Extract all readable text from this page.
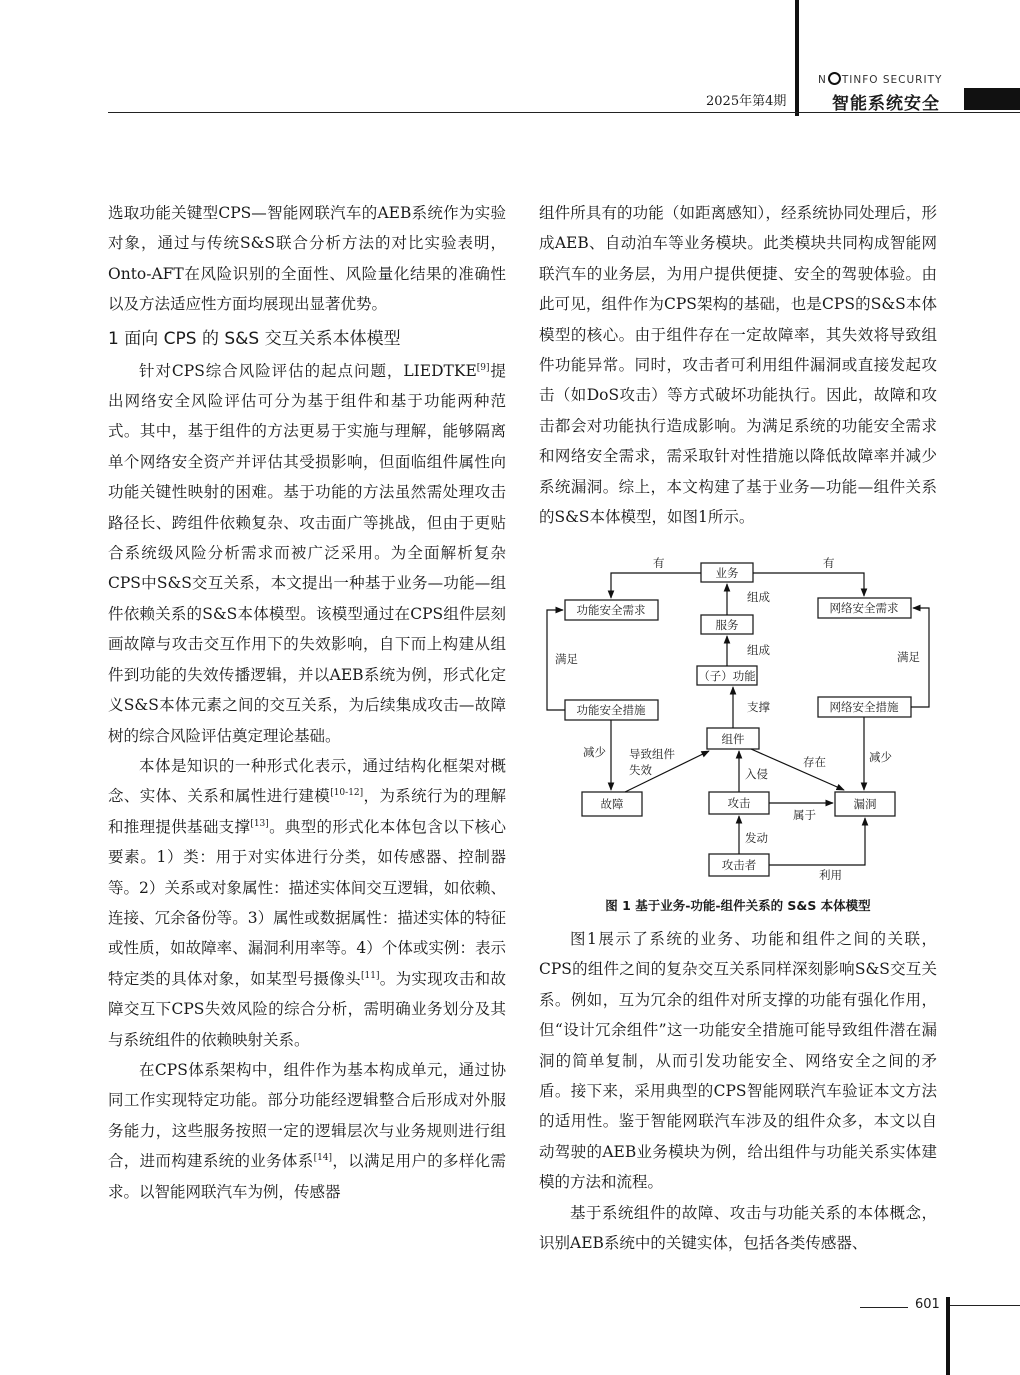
2025年第4期
N TINFO SECURITY
智能系统安全

选取功能关键型CPS—智能网联汽车的AEB系统作为实验对象，通过与传统S&S联合分析方法的对比实验表明，Onto-AFT在风险识别的全面性、风险量化结果的准确性以及方法适应性方面均展现出显著优势。

1 面向 CPS 的 S&S 交互关系本体模型

针对CPS综合风险评估的起点问题，LIEDTKE[9]提出网络安全风险评估可分为基于组件和基于功能两种范式。其中，基于组件的方法更易于实施与理解，能够隔离单个网络安全资产并评估其受损影响，但面临组件属性向功能关键性映射的困难。基于功能的方法虽然需处理攻击路径长、跨组件依赖复杂、攻击面广等挑战，但由于更贴合系统级风险分析需求而被广泛采用。为全面解析复杂CPS中S&S交互关系，本文提出一种基于业务—功能—组件依赖关系的S&S本体模型。该模型通过在CPS组件层刻画故障与攻击交互作用下的失效影响，自下而上构建从组件到功能的失效传播逻辑，并以AEB系统为例，形式化定义S&S本体元素之间的交互关系，为后续集成攻击—故障树的综合风险评估奠定理论基础。

本体是知识的一种形式化表示，通过结构化框架对概念、实体、关系和属性进行建模[10-12]，为系统行为的理解和推理提供基础支撑[13]。典型的形式化本体包含以下核心要素。1）类：用于对实体进行分类，如传感器、控制器等。2）关系或对象属性：描述实体间交互逻辑，如依赖、连接、冗余备份等。3）属性或数据属性：描述实体的特征或性质，如故障率、漏洞利用率等。4）个体或实例：表示特定类的具体对象，如某型号摄像头[11]。为实现攻击和故障交互下CPS失效风险的综合分析，需明确业务划分及其与系统组件的依赖映射关系。

在CPS体系架构中，组件作为基本构成单元，通过协同工作实现特定功能。部分功能经逻辑整合后形成对外服务能力，这些服务按照一定的逻辑层次与业务规则进行组合，进而构建系统的业务体系[14]，以满足用户的多样化需求。以智能网联汽车为例，传感器

组件所具有的功能（如距离感知），经系统协同处理后，形成AEB、自动泊车等业务模块。此类模块共同构成智能网联汽车的业务层，为用户提供便捷、安全的驾驶体验。由此可见，组件作为CPS架构的基础，也是CPS的S&S本体模型的核心。由于组件存在一定故障率，其失效将导致组件功能异常。同时，攻击者可利用组件漏洞或直接发起攻击（如DoS攻击）等方式破坏功能执行。因此，故障和攻击都会对功能执行造成影响。为满足系统的功能安全需求和网络安全需求，需采取针对性措施以降低故障率并减少系统漏洞。综上，本文构建了基于业务—功能—组件关系的S&S本体模型，如图1所示。

业务
服务
（子）功能
组件
功能安全需求	网络安全需求
功能安全措施	网络安全措施
故障	攻击	漏洞
攻击者
有	有
组成
组成
支撑
满足	满足
减少	减少
导致组件
失效	入侵
存在
属于
发动
利用
图 1 基于业务-功能-组件关系的 S&S 本体模型

图1展示了系统的业务、功能和组件之间的关联，CPS的组件之间的复杂交互关系同样深刻影响S&S交互关系。例如，互为冗余的组件对所支撑的功能有强化作用，但“设计冗余组件”这一功能安全措施可能导致组件潜在漏洞的简单复制，从而引发功能安全、网络安全之间的矛盾。接下来，采用典型的CPS智能网联汽车验证本文方法的适用性。鉴于智能网联汽车涉及的组件众多，本文以自动驾驶的AEB业务模块为例，给出组件与功能关系实体建模的方法和流程。

基于系统组件的故障、攻击与功能关系的本体概念，识别AEB系统中的关键实体，包括各类传感器、

601
